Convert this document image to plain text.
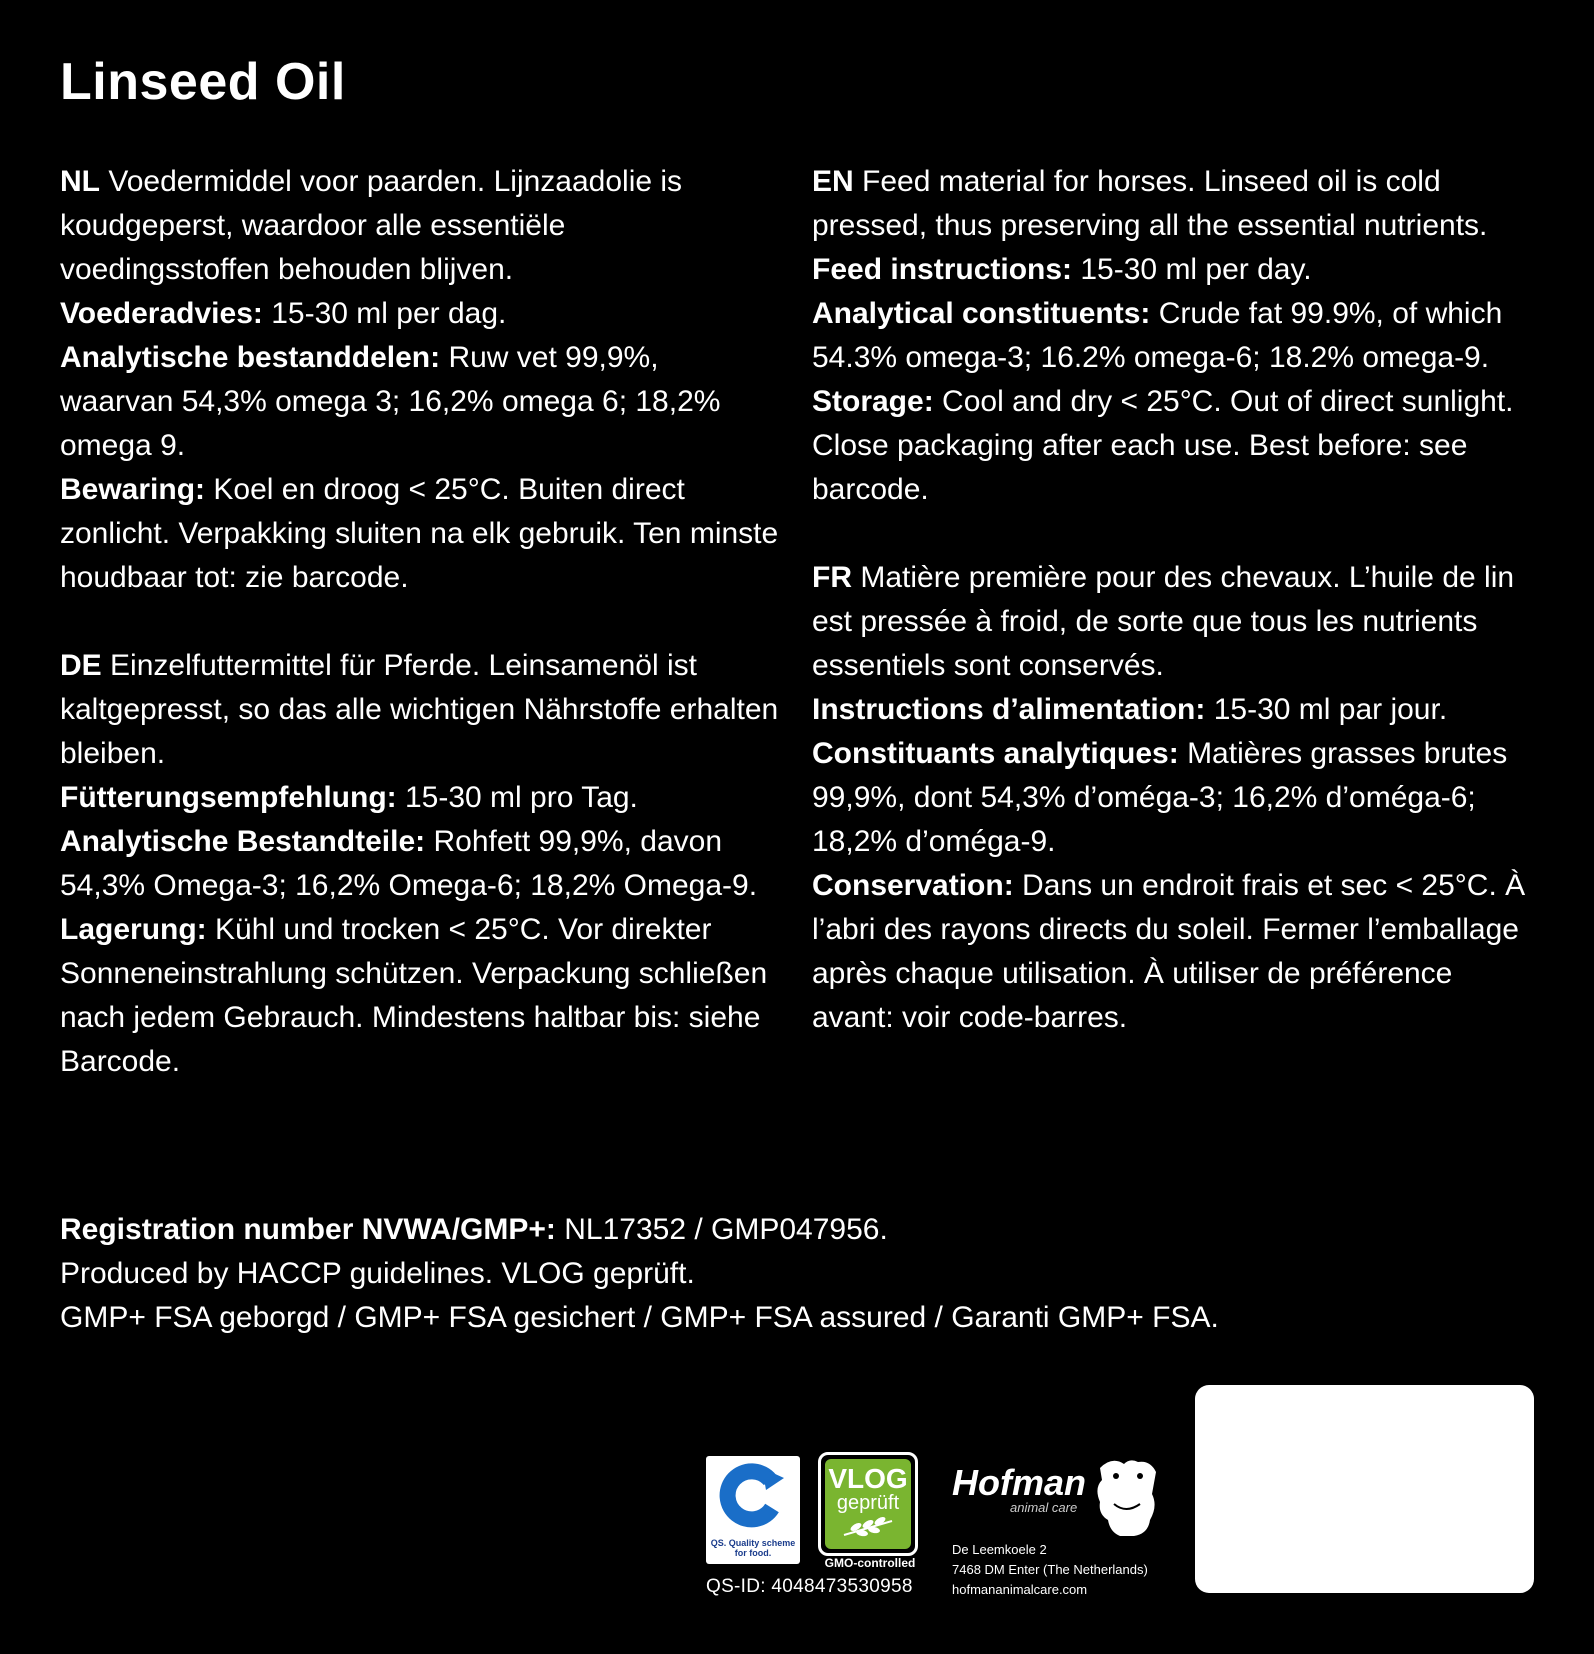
Linseed Oil

NL Voedermiddel voor paarden. Lijnzaadolie is koudgeperst, waardoor alle essentiële voedingsstoffen behouden blijven.

Voederadvies: 15-30 ml per dag.

Analytische bestanddelen: Ruw vet 99,9%, waarvan 54,3% omega 3; 16,2% omega 6; 18,2% omega 9.

Bewaring: Koel en droog < 25°C. Buiten direct zonlicht. Verpakking sluiten na elk gebruik. Ten minste houdbaar tot: zie barcode.

DE Einzelfuttermittel für Pferde. Leinsamenöl ist kaltgepresst, so das alle wichtigen Nährstoffe erhalten bleiben.

Fütterungsempfehlung: 15-30 ml pro Tag.

Analytische Bestandteile: Rohfett 99,9%, davon 54,3% Omega-3; 16,2% Omega-6; 18,2% Omega-9.

Lagerung: Kühl und trocken < 25°C. Vor direkter Sonneneinstrahlung schützen. Verpackung schließen nach jedem Gebrauch. Mindestens haltbar bis: siehe Barcode.

EN Feed material for horses. Linseed oil is cold pressed, thus preserving all the essential nutrients.

Feed instructions: 15-30 ml per day.

Analytical constituents: Crude fat 99.9%, of which 54.3% omega-3; 16.2% omega-6; 18.2% omega-9.

Storage: Cool and dry < 25°C. Out of direct sunlight. Close packaging after each use. Best before: see barcode.

FR Matière première pour des chevaux. L’huile de lin est pressée à froid, de sorte que tous les nutrients essentiels sont conservés.

Instructions d’alimentation: 15-30 ml par jour.

Constituants analytiques: Matières grasses brutes 99,9%, dont 54,3% d’oméga-3; 16,2% d’oméga-6; 18,2% d’oméga-9.

Conservation: Dans un endroit frais et sec < 25°C. À l’abri des rayons directs du soleil. Fermer l’emballage après chaque utilisation. À utiliser de préférence avant: voir code-barres.

Registration number NVWA/GMP+: NL17352 / GMP047956.

Produced by HACCP guidelines. VLOG geprüft.

GMP+ FSA geborgd / GMP+ FSA gesichert / GMP+ FSA assured / Garanti GMP+ FSA.

QS. Quality scheme for food.
VLOG
geprüft
GMO-controlled
QS-ID: 4048473530958
Hofman
animal care
De Leemkoele 2
7468 DM Enter (The Netherlands)
hofmananimalcare.com
